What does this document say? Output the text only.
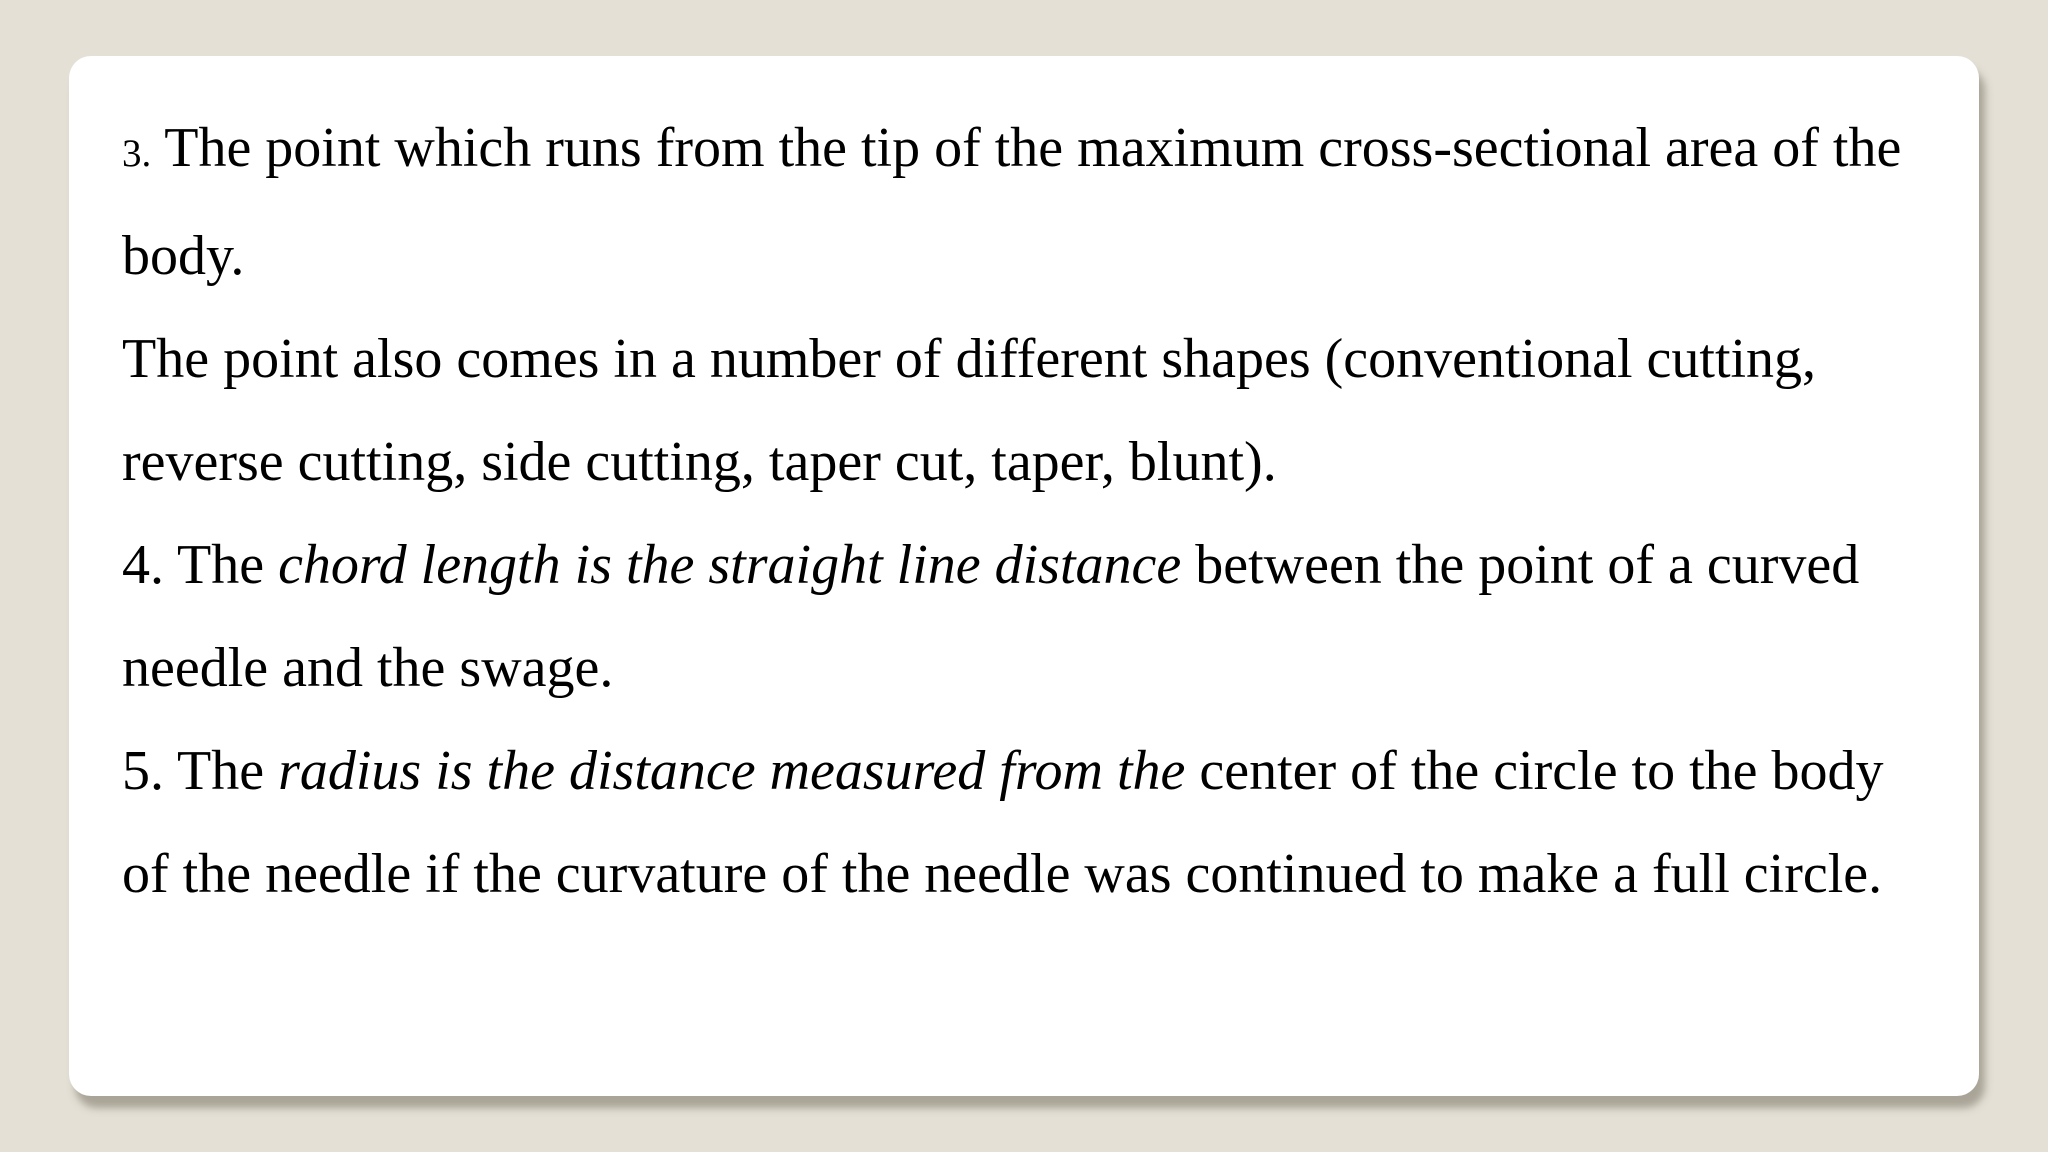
3. The point which runs from the tip of the maximum cross-sectional area of the body.

The point also comes in a number of different shapes (conventional cutting, reverse cutting, side cutting, taper cut, taper, blunt).

4. The chord length is the straight line distance between the point of a curved needle and the swage.

5. The radius is the distance measured from the center of the circle to the body of the needle if the curvature of the needle was continued to make a full circle.
